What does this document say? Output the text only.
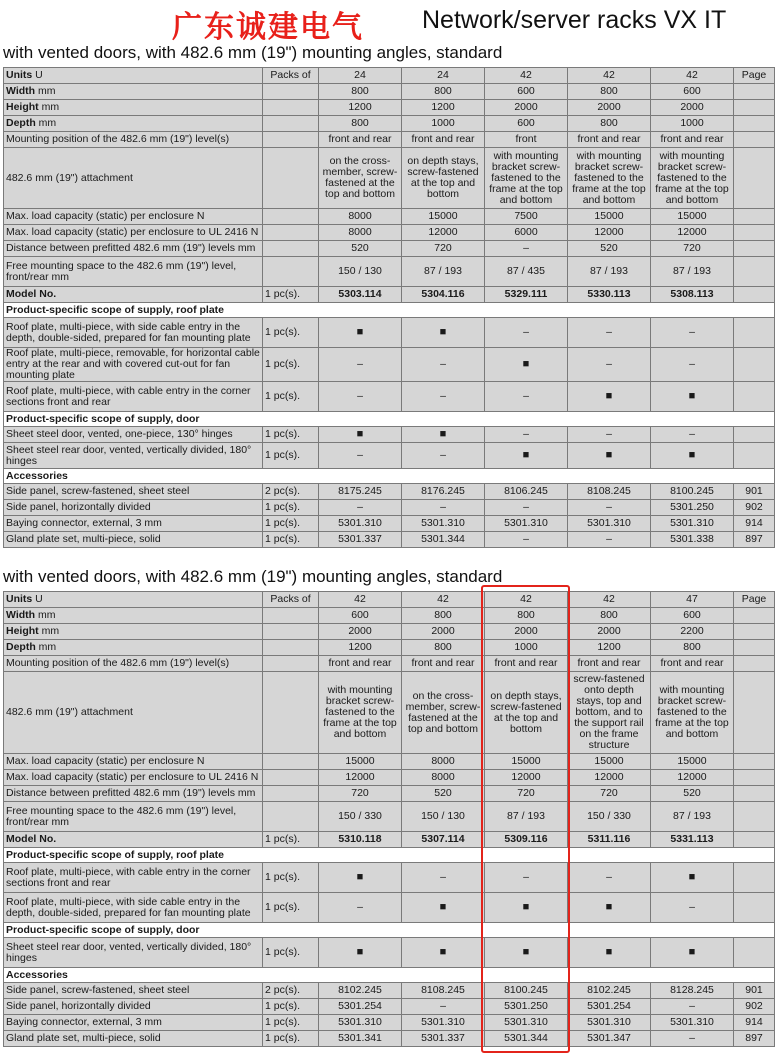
广东诚建电气 Network/server racks VX IT
with vented doors, with 482.6 mm (19") mounting angles, standard
Units U	Packs of	24	24	42	42	42	Page
Width mm		800	800	600	800	600	
Height mm		1200	1200	2000	2000	2000	
Depth mm		800	1000	600	800	1000	
Mounting position of the 482.6 mm (19") level(s)		front and rear	front and rear	front	front and rear	front and rear	
482.6 mm (19") attachment		on the cross-member, screw-fastened at the top and bottom	on depth stays, screw-fastened at the top and bottom	with mounting bracket screw-fastened to the frame at the top and bottom	with mounting bracket screw-fastened to the frame at the top and bottom	with mounting bracket screw-fastened to the frame at the top and bottom	
Max. load capacity (static) per enclosure N		8000	15000	7500	15000	15000	
Max. load capacity (static) per enclosure to UL 2416 N		8000	12000	6000	12000	12000	
Distance between prefitted 482.6 mm (19") levels mm		520	720	–	520	720	
Free mounting space to the 482.6 mm (19") level, front/rear mm		150 / 130	87 / 193	87 / 435	87 / 193	87 / 193	
Model No.	1 pc(s).	5303.114	5304.116	5329.111	5330.113	5308.113	
Product-specific scope of supply, roof plate							
Roof plate, multi-piece, with side cable entry in the depth, double-sided, prepared for fan mounting plate	1 pc(s).	■	■	–	–	–	
Roof plate, multi-piece, removable, for horizontal cable entry at the rear and with covered cut-out for fan mounting plate	1 pc(s).	–	–	■	–	–	
Roof plate, multi-piece, with cable entry in the corner sections front and rear	1 pc(s).	–	–	–	■	■	
Product-specific scope of supply, door							
Sheet steel door, vented, one-piece, 130° hinges	1 pc(s).	■	■	–	–	–	
Sheet steel rear door, vented, vertically divided, 180° hinges	1 pc(s).	–	–	■	■	■	
Accessories							
Side panel, screw-fastened, sheet steel	2 pc(s).	8175.245	8176.245	8106.245	8108.245	8100.245	901
Side panel, horizontally divided	1 pc(s).	–	–	–	–	5301.250	902
Baying connector, external, 3 mm	1 pc(s).	5301.310	5301.310	5301.310	5301.310	5301.310	914
Gland plate set, multi-piece, solid	1 pc(s).	5301.337	5301.344	–	–	5301.338	897
with vented doors, with 482.6 mm (19") mounting angles, standard
Units U	Packs of	42	42	42	42	47	Page
Width mm		600	800	800	800	600	
Height mm		2000	2000	2000	2000	2200	
Depth mm		1200	800	1000	1200	800	
Mounting position of the 482.6 mm (19") level(s)		front and rear	front and rear	front and rear	front and rear	front and rear	
482.6 mm (19") attachment		with mounting bracket screw-fastened to the frame at the top and bottom	on the cross-member, screw-fastened at the top and bottom	on depth stays, screw-fastened at the top and bottom	screw-fastened onto depth stays, top and bottom, and to the support rail on the frame structure	with mounting bracket screw-fastened to the frame at the top and bottom	
Max. load capacity (static) per enclosure N		15000	8000	15000	15000	15000	
Max. load capacity (static) per enclosure to UL 2416 N		12000	8000	12000	12000	12000	
Distance between prefitted 482.6 mm (19") levels mm		720	520	720	720	520	
Free mounting space to the 482.6 mm (19") level, front/rear mm		150 / 330	150 / 130	87 / 193	150 / 330	87 / 193	
Model No.	1 pc(s).	5310.118	5307.114	5309.116	5311.116	5331.113	
Product-specific scope of supply, roof plate							
Roof plate, multi-piece, with cable entry in the corner sections front and rear	1 pc(s).	■	–	–	–	■	
Roof plate, multi-piece, with side cable entry in the depth, double-sided, prepared for fan mounting plate	1 pc(s).	–	■	■	■	–	
Product-specific scope of supply, door							
Sheet steel rear door, vented, vertically divided, 180° hinges	1 pc(s).	■	■	■	■	■	
Accessories							
Side panel, screw-fastened, sheet steel	2 pc(s).	8102.245	8108.245	8100.245	8102.245	8128.245	901
Side panel, horizontally divided	1 pc(s).	5301.254	–	5301.250	5301.254	–	902
Baying connector, external, 3 mm	1 pc(s).	5301.310	5301.310	5301.310	5301.310	5301.310	914
Gland plate set, multi-piece, solid	1 pc(s).	5301.341	5301.337	5301.344	5301.347	–	897
